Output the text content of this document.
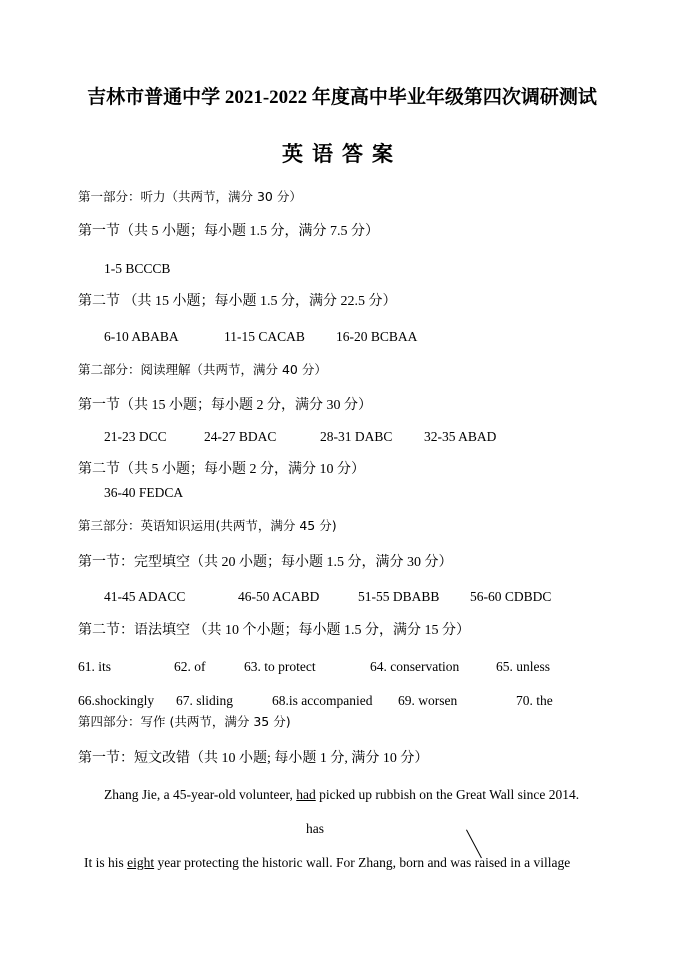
吉林市普通中学 2021-2022 年度高中毕业年级第四次调研测试
英语答案
第一部分：听力（共两节，满分 30 分）
第一节（共 5 小题；每小题 1.5 分，满分 7.5 分）
1-5 BCCCB
第二节 （共 15 小题；每小题 1.5 分，满分 22.5 分）
6-10 ABABA	11-15 CACAB 16-20 BCBAA
第二部分：阅读理解（共两节，满分 40 分）
第一节（共 15 小题；每小题 2 分，满分 30 分）
21-23 DCC	24-27 BDAC	28-31 DABC 32-35 ABAD
第二节（共 5 小题；每小题 2 分，满分 10 分）
36-40 FEDCA
第三部分：英语知识运用(共两节，满分 45 分)
第一节：完型填空（共 20 小题；每小题 1.5 分，满分 30 分）
41-45 ADACC	46-50 ACABD	51-55 DBABB 56-60 CDBDC
第二节：语法填空 （共 10 个小题；每小题 1.5 分，满分 15 分）
61. its	62. of	63. to protect	64. conservation	65. unless
66.shockingly 67. sliding	68.is accompanied 69. worsen	70. the
第四部分：写作 (共两节，满分 35 分)
第一节：短文改错（共 10 小题; 每小题 1 分, 满分 10 分）
Zhang Jie, a 45-year-old volunteer, had picked up rubbish on the Great Wall since 2014.
has
It is his eight year protecting the historic wall. For Zhang, born and was raised in a village
